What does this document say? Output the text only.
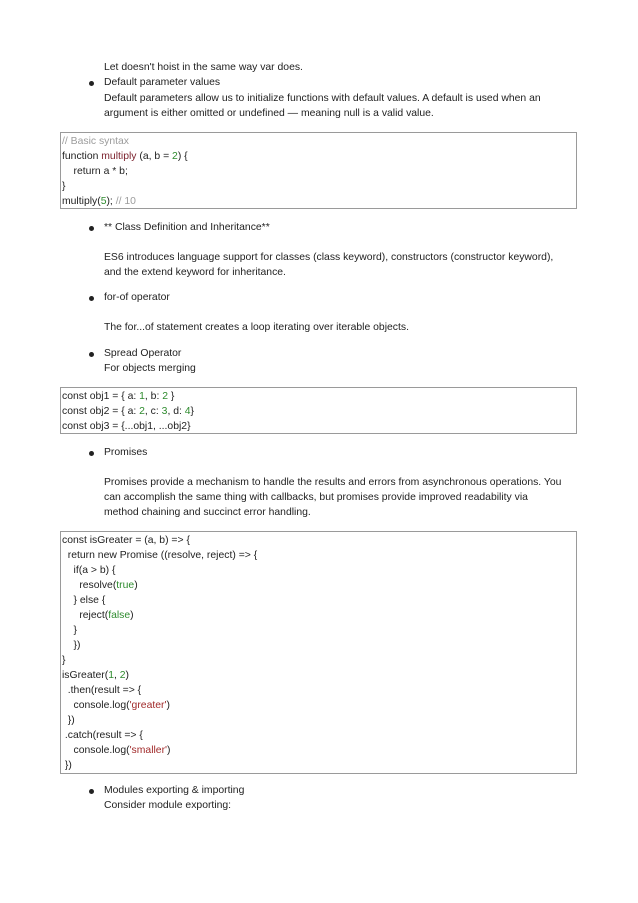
Let doesn't hoist in the same way var does.
Default parameter values
Default parameters allow us to initialize functions with default values. A default is used when an
argument is either omitted or undefined — meaning null is a valid value.
// Basic syntax
function multiply (a, b = 2) {
return a * b;
}
multiply(5); // 10
** Class Definition and Inheritance**
ES6 introduces language support for classes (class keyword), constructors (constructor keyword),
and the extend keyword for inheritance.
for-of operator
The for...of statement creates a loop iterating over iterable objects.
Spread Operator
For objects merging
const obj1 = { a: 1, b: 2 }
const obj2 = { a: 2, c: 3, d: 4}
const obj3 = {...obj1, ...obj2}
Promises
Promises provide a mechanism to handle the results and errors from asynchronous operations. You
can accomplish the same thing with callbacks, but promises provide improved readability via
method chaining and succinct error handling.
const isGreater = (a, b) => {
return new Promise ((resolve, reject) => {
if(a > b) {
resolve(true)
} else {
reject(false)
}
})
}
isGreater(1, 2)
.then(result => {
console.log('greater')
})
.catch(result => {
console.log('smaller')
})
Modules exporting & importing
Consider module exporting:
